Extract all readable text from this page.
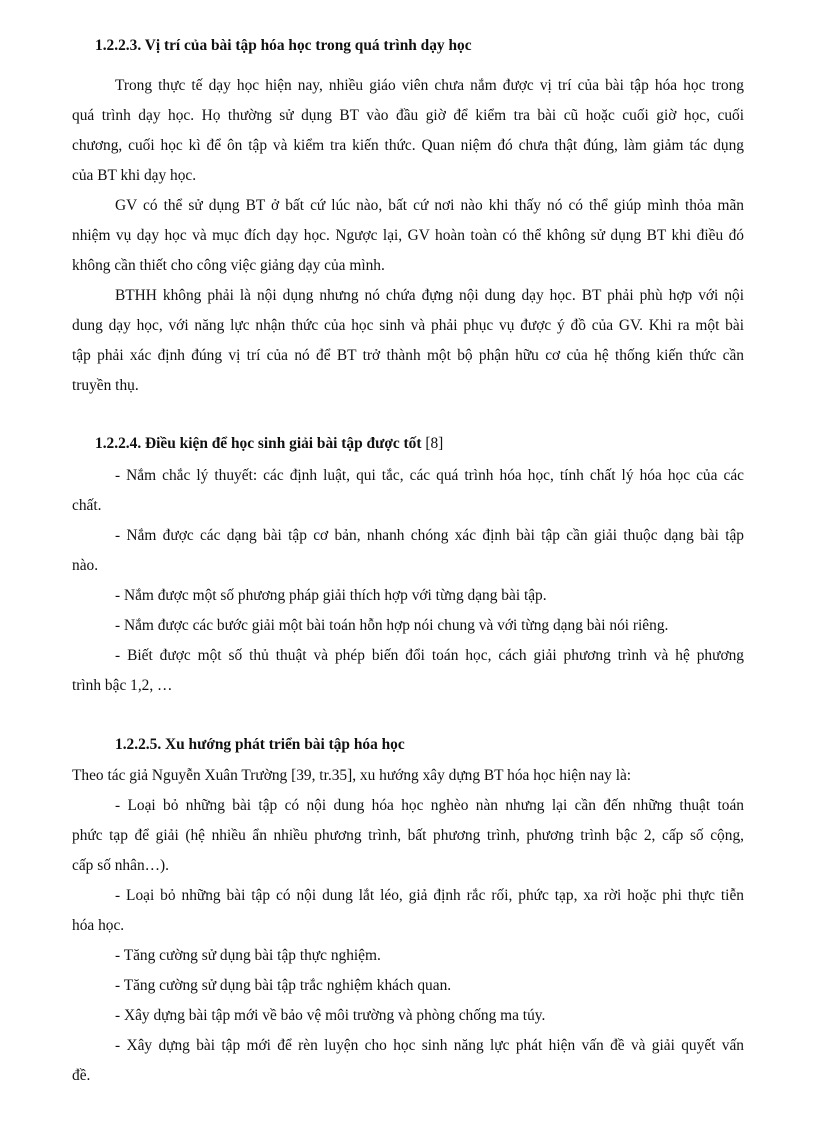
1.2.2.3. Vị trí của bài tập hóa học trong quá trình dạy học

Trong thực tế dạy học hiện nay, nhiều giáo viên chưa nắm được vị trí của bài tập hóa học trong

quá trình dạy học. Họ thường sử dụng BT vào đầu giờ để kiểm tra bài cũ hoặc cuối giờ học, cuối

chương, cuối học kì để ôn tập và kiểm tra kiến thức. Quan niệm đó chưa thật đúng, làm giảm tác dụng

của BT khi dạy học.

GV có thể sử dụng BT ở bất cứ lúc nào, bất cứ nơi nào khi thấy nó có thể giúp mình thỏa mãn

nhiệm vụ dạy học và mục đích dạy học. Ngược lại, GV hoàn toàn có thể không sử dụng BT khi điều đó

không cần thiết cho công việc giảng dạy của mình.

BTHH không phải là nội dụng nhưng nó chứa đựng nội dung dạy học. BT phải phù hợp với nội

dung dạy học, với năng lực nhận thức của học sinh và phải phục vụ được ý đồ của GV. Khi ra một bài

tập phải xác định đúng vị trí của nó để BT trở thành một bộ phận hữu cơ của hệ thống kiến thức cần

truyền thụ.

1.2.2.4. Điều kiện để học sinh giải bài tập được tốt [8]

- Nắm chắc lý thuyết: các định luật, qui tắc, các quá trình hóa học, tính chất lý hóa học của các

chất.

- Nắm được các dạng bài tập cơ bản, nhanh chóng xác định bài tập cần giải thuộc dạng bài tập

nào.

- Nắm được một số phương pháp giải thích hợp với từng dạng bài tập.

- Nắm được các bước giải một bài toán hỗn hợp nói chung và với từng dạng bài nói riêng.

- Biết được một số thủ thuật và phép biến đổi toán học, cách giải phương trình và hệ phương

trình bậc 1,2, …

1.2.2.5. Xu hướng phát triển bài tập hóa học

Theo tác giả Nguyễn Xuân Trường [39, tr.35], xu hướng xây dựng BT hóa học hiện nay là:

- Loại bỏ những bài tập có nội dung hóa học nghèo nàn nhưng lại cần đến những thuật toán

phức tạp để giải (hệ nhiều ẩn nhiều phương trình, bất phương trình, phương trình bậc 2, cấp số cộng,

cấp số nhân…).

- Loại bỏ những bài tập có nội dung lắt léo, giả định rắc rối, phức tạp, xa rời hoặc phi thực tiễn

hóa học.

- Tăng cường sử dụng bài tập thực nghiệm.

- Tăng cường sử dụng bài tập trắc nghiệm khách quan.

- Xây dựng bài tập mới về bảo vệ môi trường và phòng chống ma túy.

- Xây dựng bài tập mới để rèn luyện cho học sinh năng lực phát hiện vấn đề và giải quyết vấn

đề.
